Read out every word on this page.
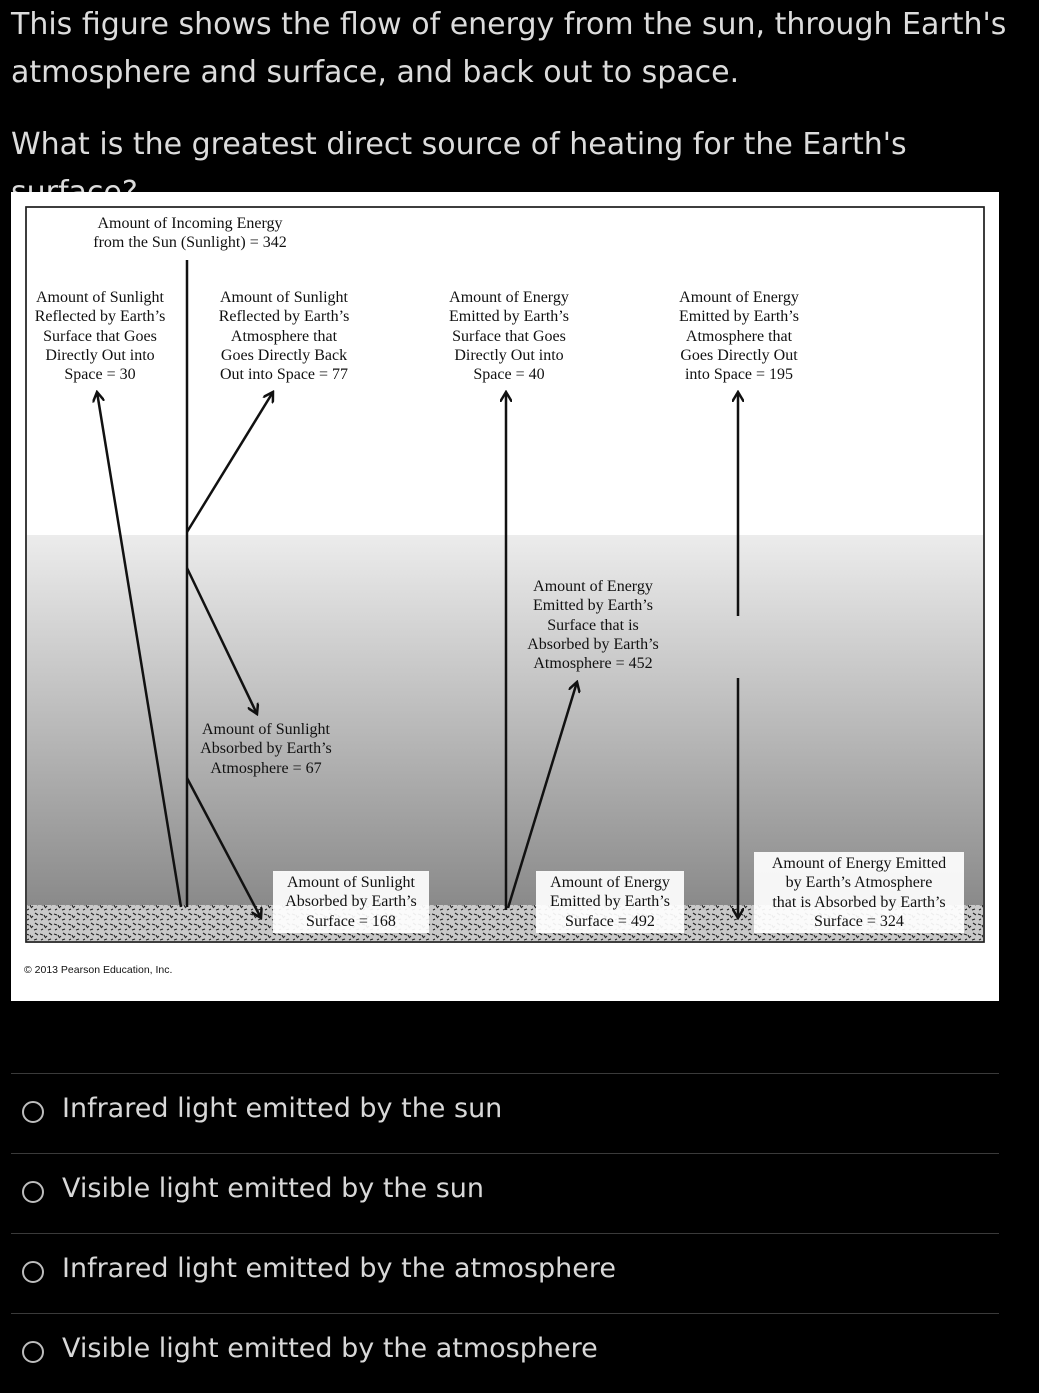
This figure shows the flow of energy from the sun, through Earth's atmosphere and surface, and back out to space.

What is the greatest direct source of heating for the Earth's

Amount of Incoming Energy
from the Sun (Sunlight) = 342
Amount of Sunlight
Reflected by Earth’s
Surface that Goes
Directly Out into
Space = 30
Amount of Sunlight
Reflected by Earth’s
Atmosphere that
Goes Directly Back
Out into Space = 77
Amount of Energy
Emitted by Earth’s
Surface that Goes
Directly Out into
Space = 40
Amount of Energy
Emitted by Earth’s
Atmosphere that
Goes Directly Out
into Space = 195
Amount of Energy
Emitted by Earth’s
Surface that is
Absorbed by Earth’s
Atmosphere = 452
Amount of Sunlight
Absorbed by Earth’s
Atmosphere = 67
Amount of Sunlight
Absorbed by Earth’s
Surface = 168
Amount of Energy
Emitted by Earth’s
Surface = 492
Amount of Energy Emitted
by Earth’s Atmosphere
that is Absorbed by Earth’s
Surface = 324
© 2013 Pearson Education, Inc.
Infrared light emitted by the sun
Visible light emitted by the sun
Infrared light emitted by the atmosphere
Visible light emitted by the atmosphere
